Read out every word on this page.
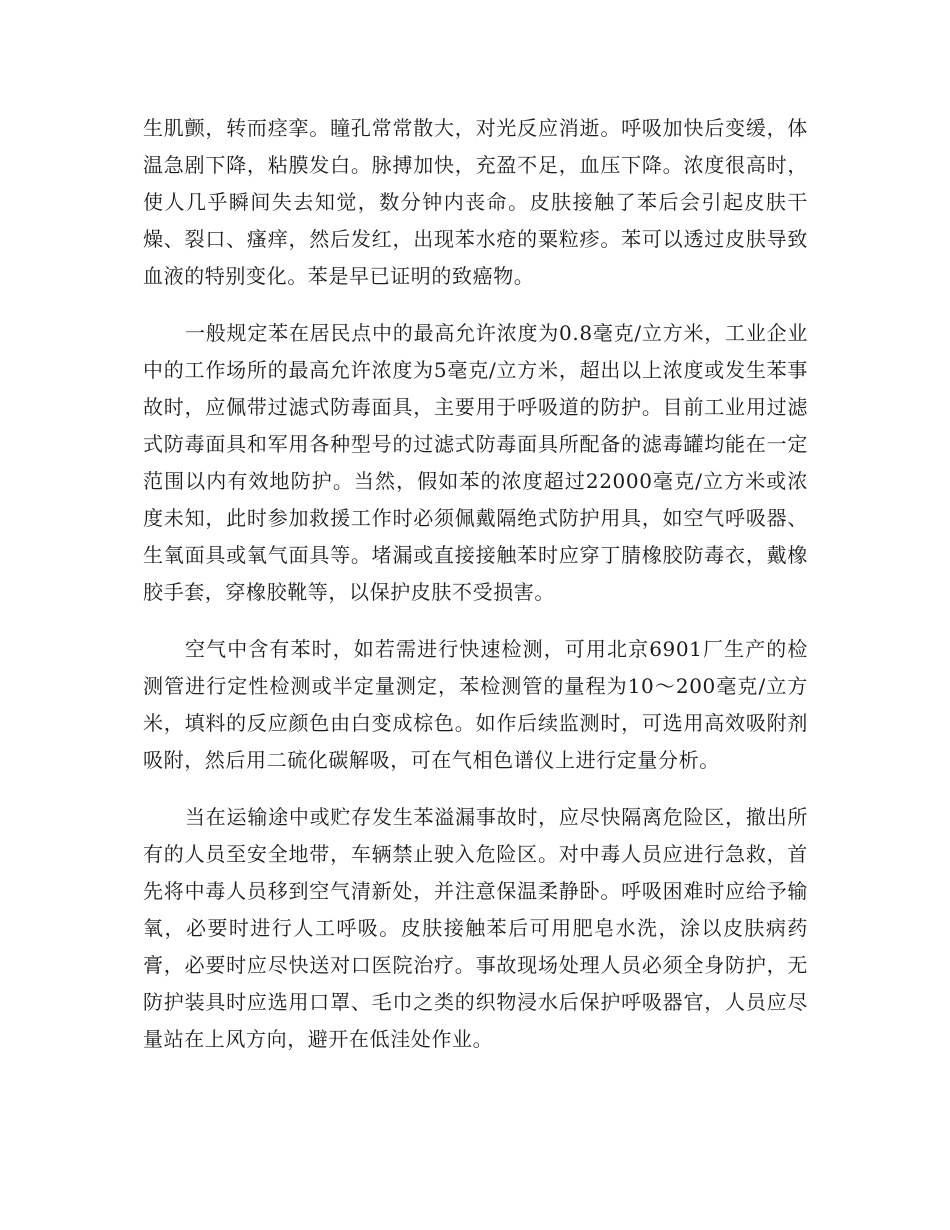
生肌颤，转而痉挛。瞳孔常常散大，对光反应消逝。呼吸加快后变缓，体温急剧下降，粘膜发白。脉搏加快，充盈不足，血压下降。浓度很高时，使人几乎瞬间失去知觉，数分钟内丧命。皮肤接触了苯后会引起皮肤干燥、裂口、瘙痒，然后发红，出现苯水疮的粟粒疹。苯可以透过皮肤导致血液的特别变化。苯是早已证明的致癌物。

一般规定苯在居民点中的最高允许浓度为0.8毫克/立方米，工业企业中的工作场所的最高允许浓度为5毫克/立方米，超出以上浓度或发生苯事故时，应佩带过滤式防毒面具，主要用于呼吸道的防护。目前工业用过滤式防毒面具和军用各种型号的过滤式防毒面具所配备的滤毒罐均能在一定范围以内有效地防护。当然，假如苯的浓度超过22000毫克/立方米或浓度未知，此时参加救援工作时必须佩戴隔绝式防护用具，如空气呼吸器、生氧面具或氧气面具等。堵漏或直接接触苯时应穿丁腈橡胶防毒衣，戴橡胶手套，穿橡胶靴等，以保护皮肤不受损害。

空气中含有苯时，如若需进行快速检测，可用北京6901厂生产的检测管进行定性检测或半定量测定，苯检测管的量程为10～200毫克/立方米，填料的反应颜色由白变成棕色。如作后续监测时，可选用高效吸附剂吸附，然后用二硫化碳解吸，可在气相色谱仪上进行定量分析。

当在运输途中或贮存发生苯溢漏事故时，应尽快隔离危险区，撤出所有的人员至安全地带，车辆禁止驶入危险区。对中毒人员应进行急救，首先将中毒人员移到空气清新处，并注意保温柔静卧。呼吸困难时应给予输氧，必要时进行人工呼吸。皮肤接触苯后可用肥皂水洗，涂以皮肤病药膏，必要时应尽快送对口医院治疗。事故现场处理人员必须全身防护，无防护装具时应选用口罩、毛巾之类的织物浸水后保护呼吸器官，人员应尽量站在上风方向，避开在低洼处作业。
